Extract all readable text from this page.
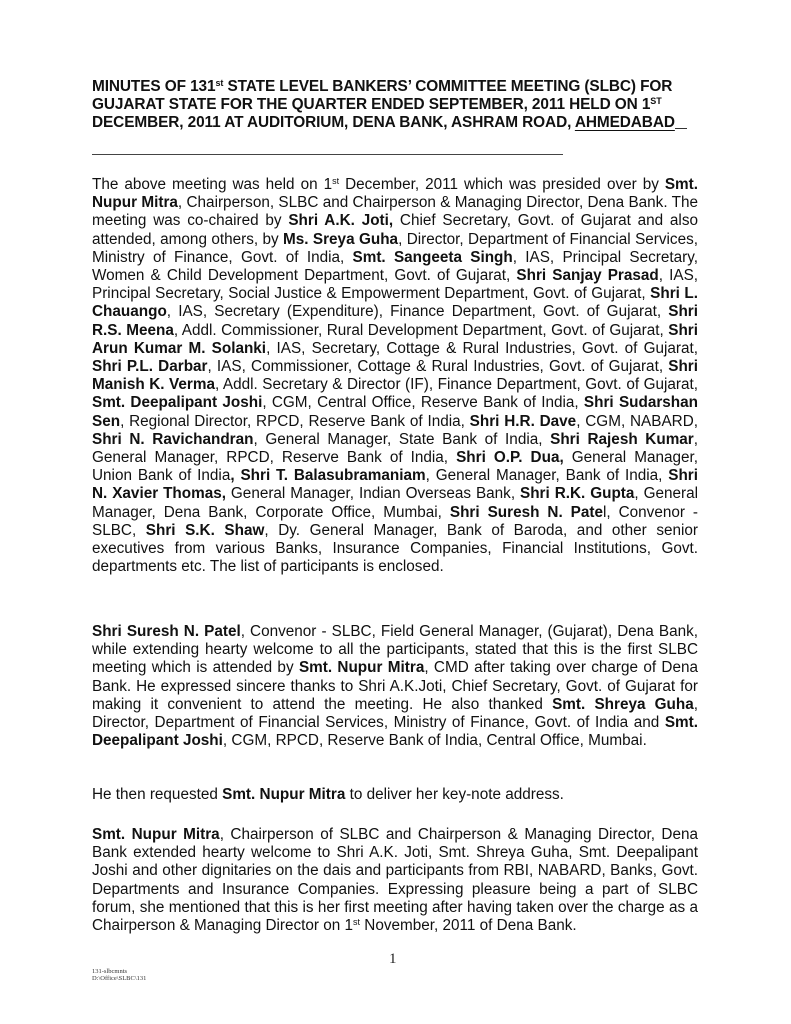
MINUTES OF 131st STATE LEVEL BANKERS’ COMMITTEE MEETING (SLBC) FOR
GUJARAT STATE FOR THE QUARTER ENDED SEPTEMBER, 2011 HELD ON 1ST
DECEMBER, 2011 AT AUDITORIUM, DENA BANK, ASHRAM ROAD, AHMEDABAD

The above meeting was held on 1st December, 2011 which was presided over by Smt. Nupur Mitra, Chairperson, SLBC and Chairperson & Managing Director, Dena Bank. The meeting was co-chaired by Shri A.K. Joti, Chief Secretary, Govt. of Gujarat and also attended, among others, by Ms. Sreya Guha, Director, Department of Financial Services, Ministry of Finance, Govt. of India, Smt. Sangeeta Singh, IAS, Principal Secretary, Women & Child Development Department, Govt. of Gujarat, Shri Sanjay Prasad, IAS, Principal Secretary, Social Justice & Empowerment Department, Govt. of Gujarat, Shri L. Chauango, IAS, Secretary (Expenditure), Finance Department, Govt. of Gujarat, Shri R.S. Meena, Addl. Commissioner, Rural Development Department, Govt. of Gujarat, Shri Arun Kumar M. Solanki, IAS, Secretary, Cottage & Rural Industries, Govt. of Gujarat, Shri P.L. Darbar, IAS, Commissioner, Cottage & Rural Industries, Govt. of Gujarat, Shri Manish K. Verma, Addl. Secretary & Director (IF), Finance Department, Govt. of Gujarat, Smt. Deepalipant Joshi, CGM, Central Office, Reserve Bank of India, Shri Sudarshan Sen, Regional Director, RPCD, Reserve Bank of India, Shri H.R. Dave, CGM, NABARD, Shri N. Ravichandran, General Manager, State Bank of India, Shri Rajesh Kumar, General Manager, RPCD, Reserve Bank of India, Shri O.P. Dua, General Manager, Union Bank of India, Shri T. Balasubramaniam, General Manager, Bank of India, Shri N. Xavier Thomas, General Manager, Indian Overseas Bank, Shri R.K. Gupta, General Manager, Dena Bank, Corporate Office, Mumbai, Shri Suresh N. Patel, Convenor - SLBC, Shri S.K. Shaw, Dy. General Manager, Bank of Baroda, and other senior executives from various Banks, Insurance Companies, Financial Institutions, Govt. departments etc. The list of participants is enclosed.

Shri Suresh N. Patel, Convenor - SLBC, Field General Manager, (Gujarat), Dena Bank, while extending hearty welcome to all the participants, stated that this is the first SLBC meeting which is attended by Smt. Nupur Mitra, CMD after taking over charge of Dena Bank. He expressed sincere thanks to Shri A.K.Joti, Chief Secretary, Govt. of Gujarat for making it convenient to attend the meeting. He also thanked Smt. Shreya Guha, Director, Department of Financial Services, Ministry of Finance, Govt. of India and Smt. Deepalipant Joshi, CGM, RPCD, Reserve Bank of India, Central Office, Mumbai.

He then requested Smt. Nupur Mitra to deliver her key-note address.

Smt. Nupur Mitra, Chairperson of SLBC and Chairperson & Managing Director, Dena Bank extended hearty welcome to Shri A.K. Joti, Smt. Shreya Guha, Smt. Deepalipant Joshi and other dignitaries on the dais and participants from RBI, NABARD, Banks, Govt. Departments and Insurance Companies. Expressing pleasure being a part of SLBC forum, she mentioned that this is her first meeting after having taken over the charge as a Chairperson & Managing Director on 1st November, 2011 of Dena Bank.

1
131-slbcmnts
D:\Office\SLBC\131
